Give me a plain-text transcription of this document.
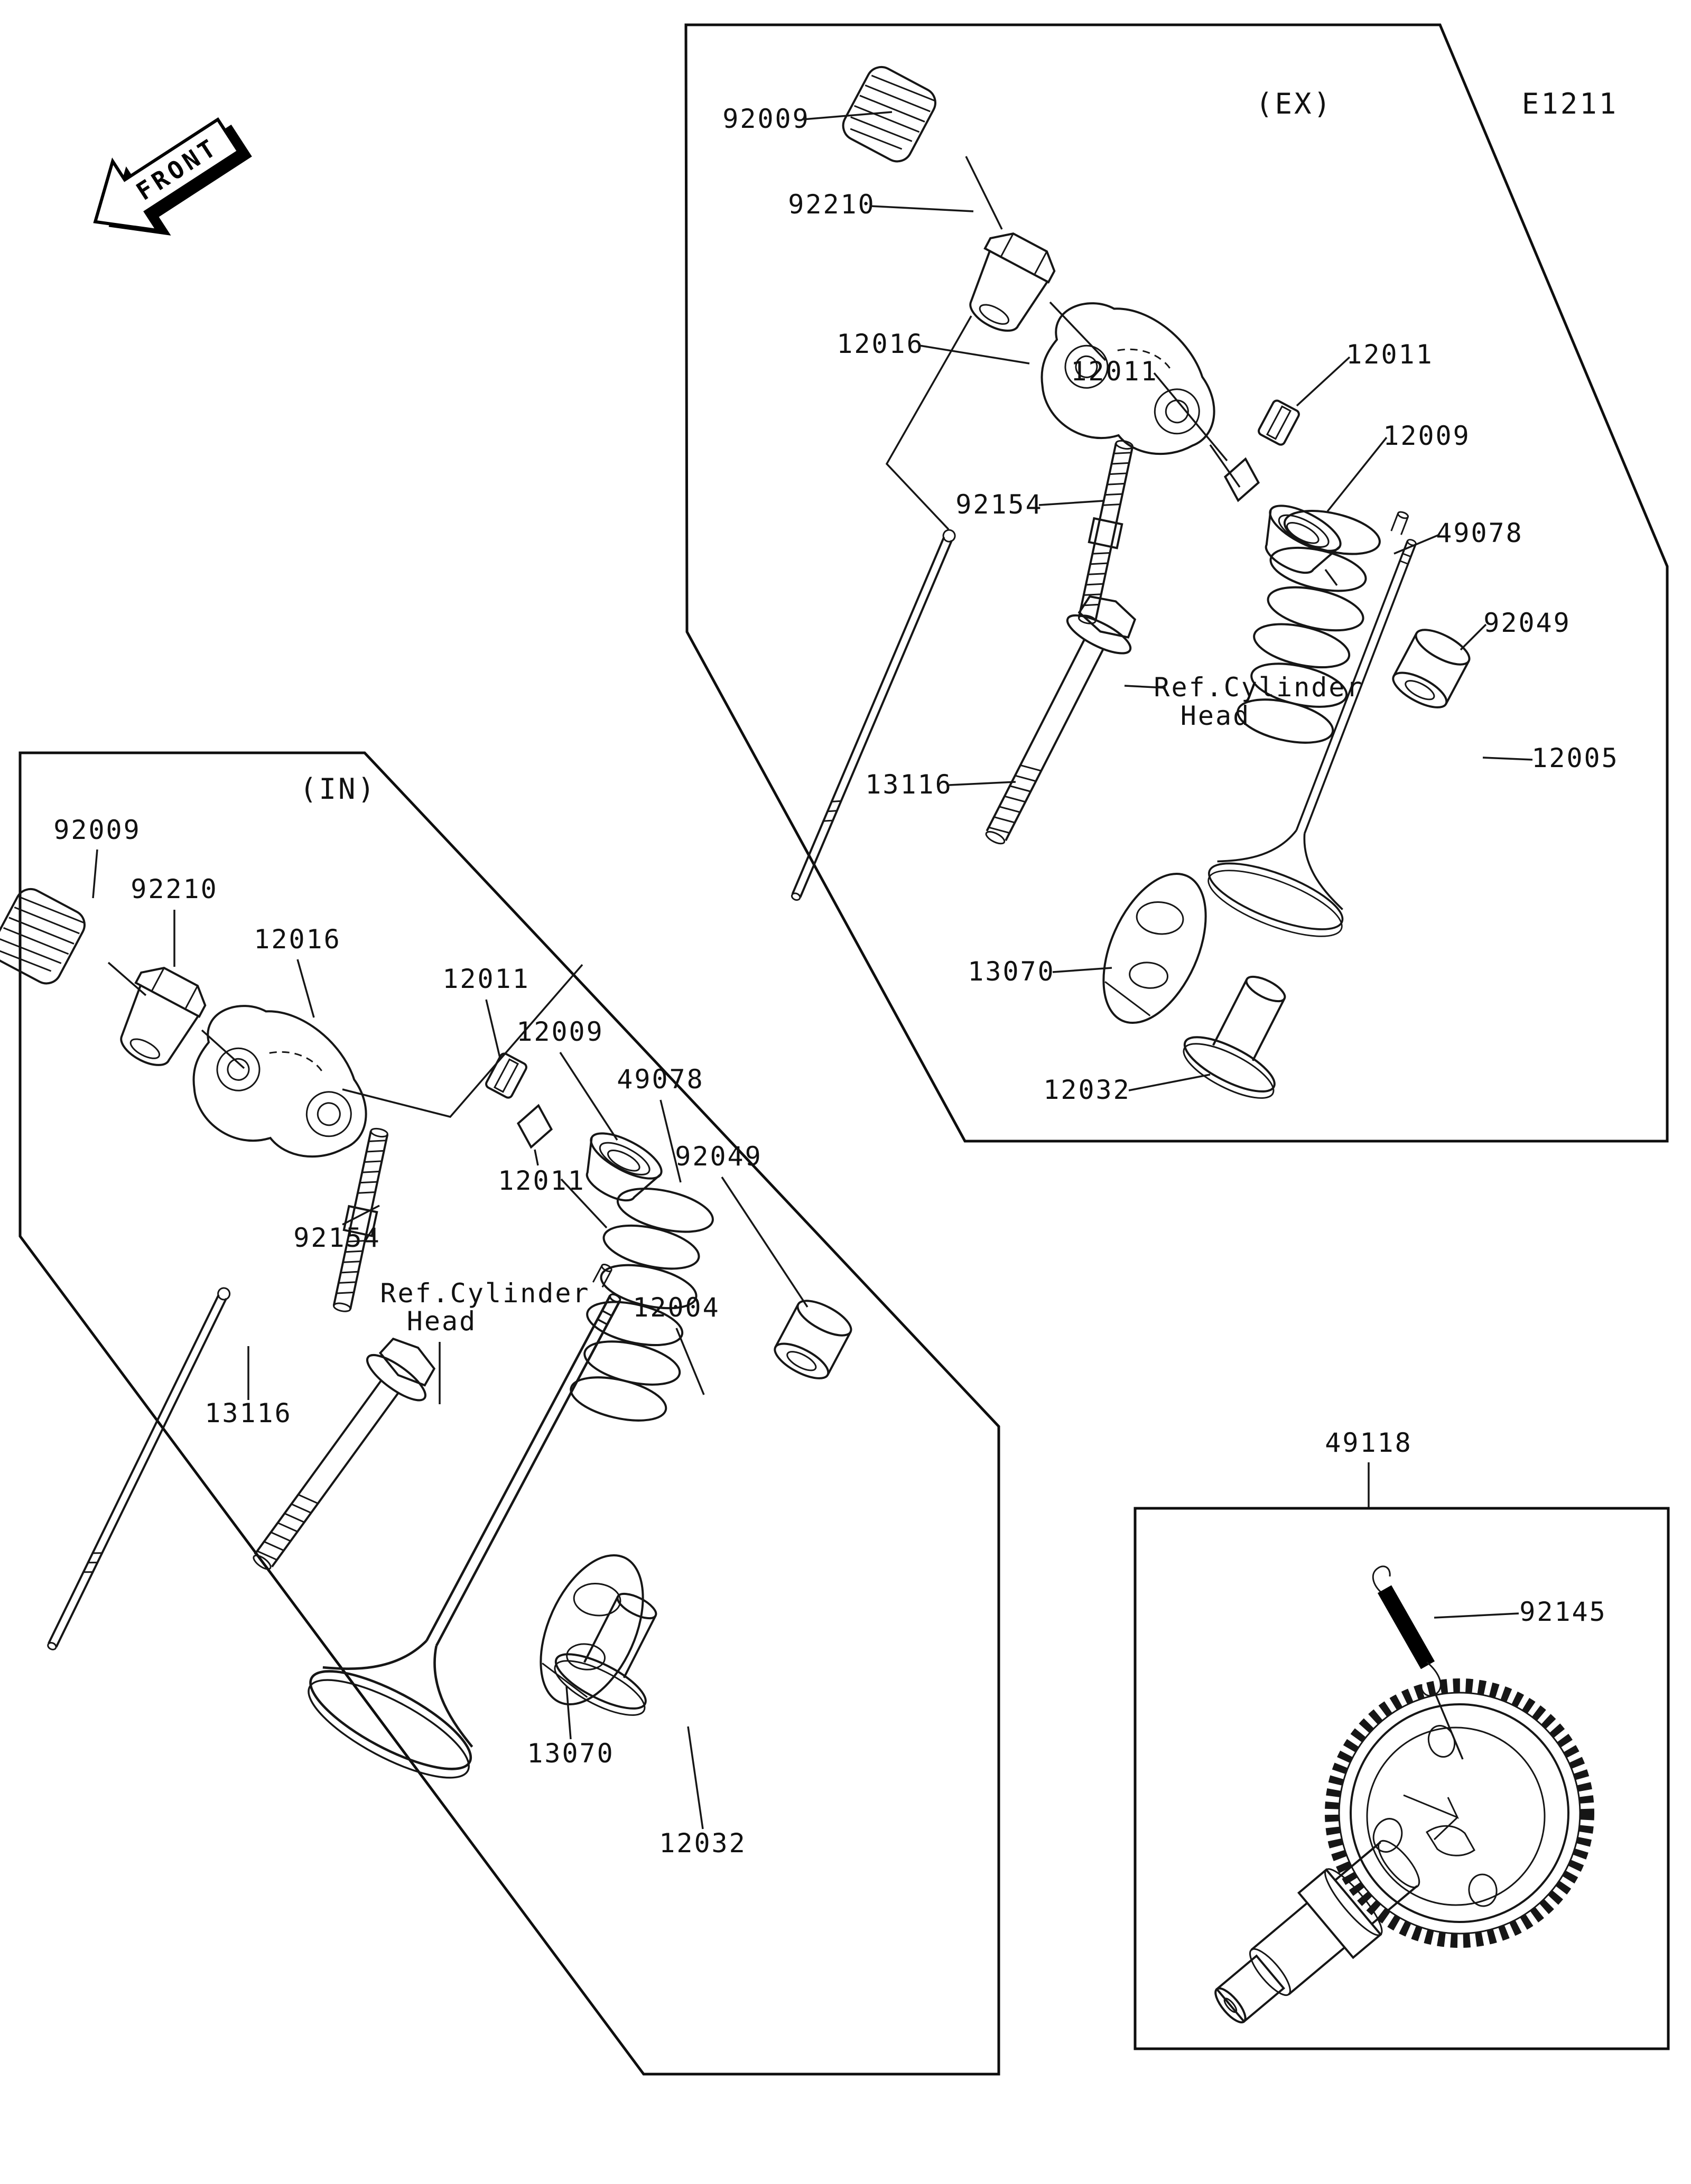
FRONT
E1211
(EX)
92009
92210
12016
12011
12011
12009
92154
49078
92049
13116
Ref.Cylinder
Head
12005
13070
12032
(IN)
92009
92210
12016
12011
12009
12011
92154
49078
92049
13116
Ref.Cylinder
Head	12004
13070
12032
49118
92145
